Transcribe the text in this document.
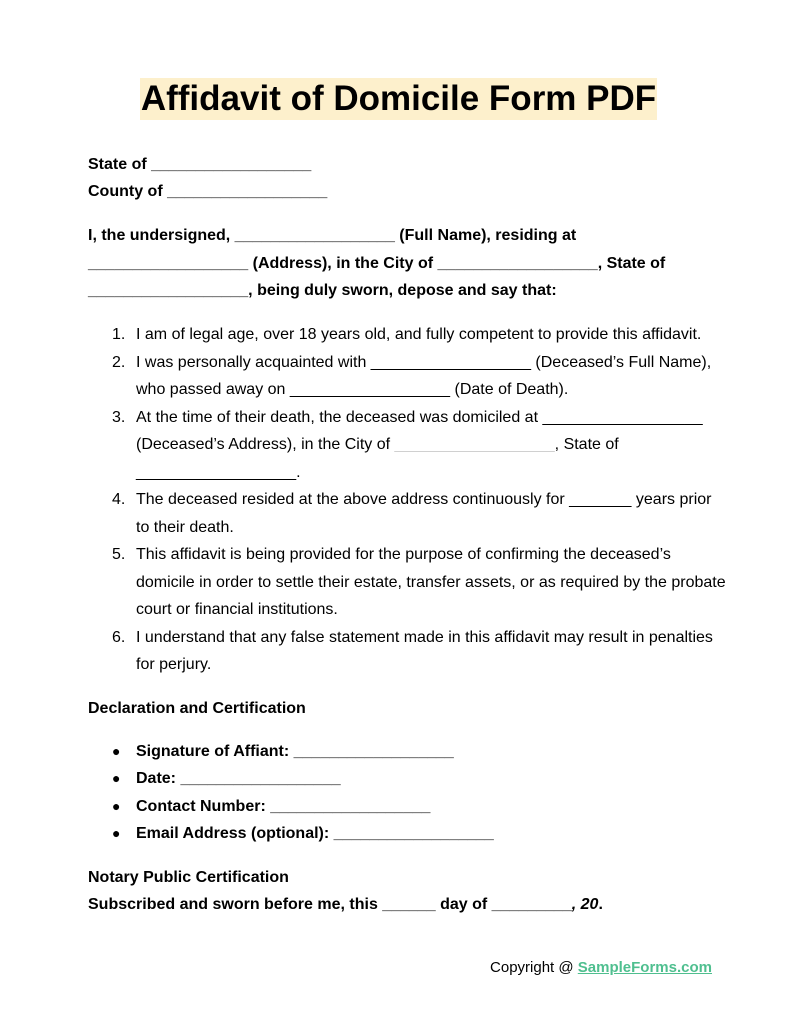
Affidavit of Domicile Form PDF
State of __________________
County of __________________
I, the undersigned, __________________ (Full Name), residing at __________________ (Address), in the City of __________________, State of __________________, being duly sworn, depose and say that:
1. I am of legal age, over 18 years old, and fully competent to provide this affidavit.
2. I was personally acquainted with __________________ (Deceased’s Full Name), who passed away on __________________ (Date of Death).
3. At the time of their death, the deceased was domiciled at __________________ (Deceased’s Address), in the City of __________________, State of __________________.
4. The deceased resided at the above address continuously for _______ years prior to their death.
5. This affidavit is being provided for the purpose of confirming the deceased’s domicile in order to settle their estate, transfer assets, or as required by the probate court or financial institutions.
6. I understand that any false statement made in this affidavit may result in penalties for perjury.
Declaration and Certification
● Signature of Affiant: __________________
● Date: __________________
● Contact Number: __________________
● Email Address (optional): __________________
Notary Public Certification
Subscribed and sworn before me, this ______ day of _________, 20.
Copyright @ SampleForms.com
